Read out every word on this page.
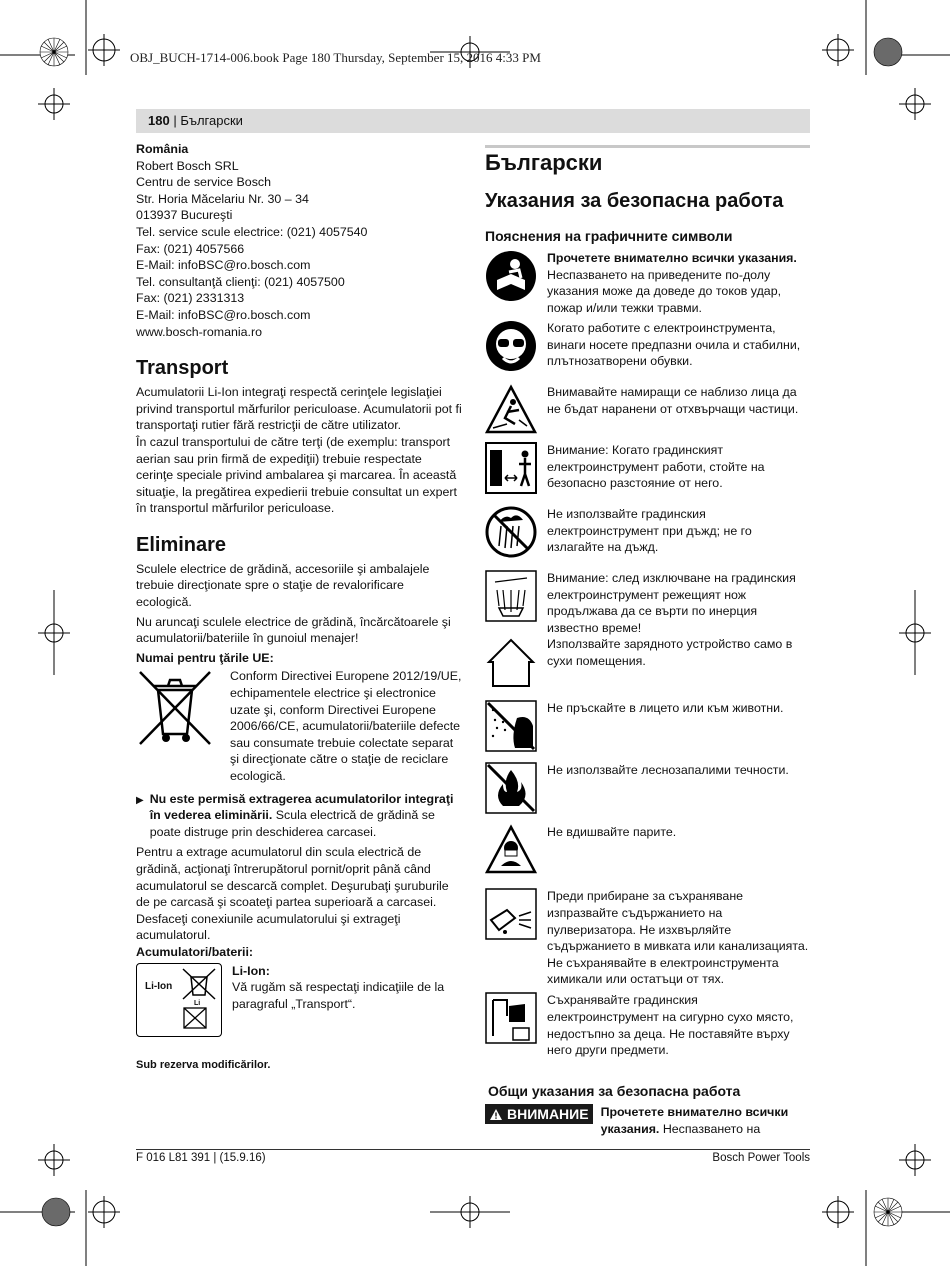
OBJ_BUCH-1714-006.book Page 180 Thursday, September 15, 2016 4:33 PM
180 | Български

România

Robert Bosch SRL

Centru de service Bosch

Str. Horia Măcelariu Nr. 30 – 34

013937 Bucureşti

Tel. service scule electrice: (021) 4057540

Fax: (021) 4057566

E-Mail: infoBSC@ro.bosch.com

Tel. consultanţă clienţi: (021) 4057500

Fax: (021) 2331313

E-Mail: infoBSC@ro.bosch.com

www.bosch-romania.ro

Transport

Acumulatorii Li-Ion integraţi respectă cerinţele legislaţiei privind transportul mărfurilor periculoase. Acumulatorii pot fi transportaţi rutier fără restricţii de către utilizator.

În cazul transportului de către terţi (de exemplu: transport aerian sau prin firmă de expediţii) trebuie respectate cerinţe speciale privind ambalarea şi marcarea. În această situaţie, la pregătirea expedierii trebuie consultat un expert în transportul mărfurilor periculoase.

Eliminare

Sculele electrice de grădină, accesoriile şi ambalajele trebuie direcţionate spre o staţie de revalorificare ecologică.

Nu aruncaţi sculele electrice de grădină, încărcătoarele şi acumulatorii/bateriile în gunoiul menajer!

Numai pentru ţările UE:

Conform Directivei Europene 2012/19/UE, echipamentele electrice şi electronice uzate şi, conform Directivei Europene 2006/66/CE, acumulatorii/bateriile defecte sau consumate trebuie colectate separat şi direcţionate către o staţie de reciclare ecologică.

▶ Nu este permisă extragerea acumulatorilor integraţi în vederea eliminării. Scula electrică de grădină se poate distruge prin deschiderea carcasei.

Pentru a extrage acumulatorul din scula electrică de grădină, acţionaţi întrerupătorul pornit/oprit până când acumulatorul se descarcă complet. Deşurubaţi şuruburile de pe carcasă şi scoateţi partea superioară a carcasei. Desfaceţi conexiunile acumulatorului şi extrageţi acumulatorul.

Acumulatori/baterii:

Li-Ion
Li

Li-Ion:

Vă rugăm să respectaţi indicaţiile de la paragraful „Transport“.

Sub rezerva modificărilor.

Български

Указания за безопасна работа

Пояснения на графичните символи

Прочетете внимателно всички указания. Неспазването на приведените по-долу указания може да доведе до токов удар, пожар и/или тежки травми.

Когато работите с електроинструмента, винаги носете предпазни очила и стабилни, плътнозатворени обувки.

Внимавайте намиращи се наблизо лица да не бъдат наранени от отхвърчащи частици.

Внимание: Когато градинският електроинструмент работи, стойте на безопасно разстояние от него.

Не използвайте градинския електроинструмент при дъжд; не го излагайте на дъжд.

Внимание: след изключване на градинския електроинструмент режещият нож продължава да се върти по инерция известно време!

Използвайте зарядното устройство само в сухи помещения.

Не пръскайте в лицето или към животни.

Не използвайте леснозапалими течности.

Не вдишвайте парите.

Преди прибиране за съхраняване изпразвайте съдържанието на пулверизатора. Не изхвърляйте съдържанието в мивката или канализацията. Не съхранявайте в електроинструмента химикали или остатъци от тях.

Съхранявайте градинския електроинструмент на сигурно сухо място, недостъпно за деца. Не поставяйте върху него други предмети.

Общи указания за безопасна работа

ВНИМАНИЕ Прочетете внимателно всички указания. Неспазването на

F 016 L81 391 | (15.9.16)	Bosch Power Tools
